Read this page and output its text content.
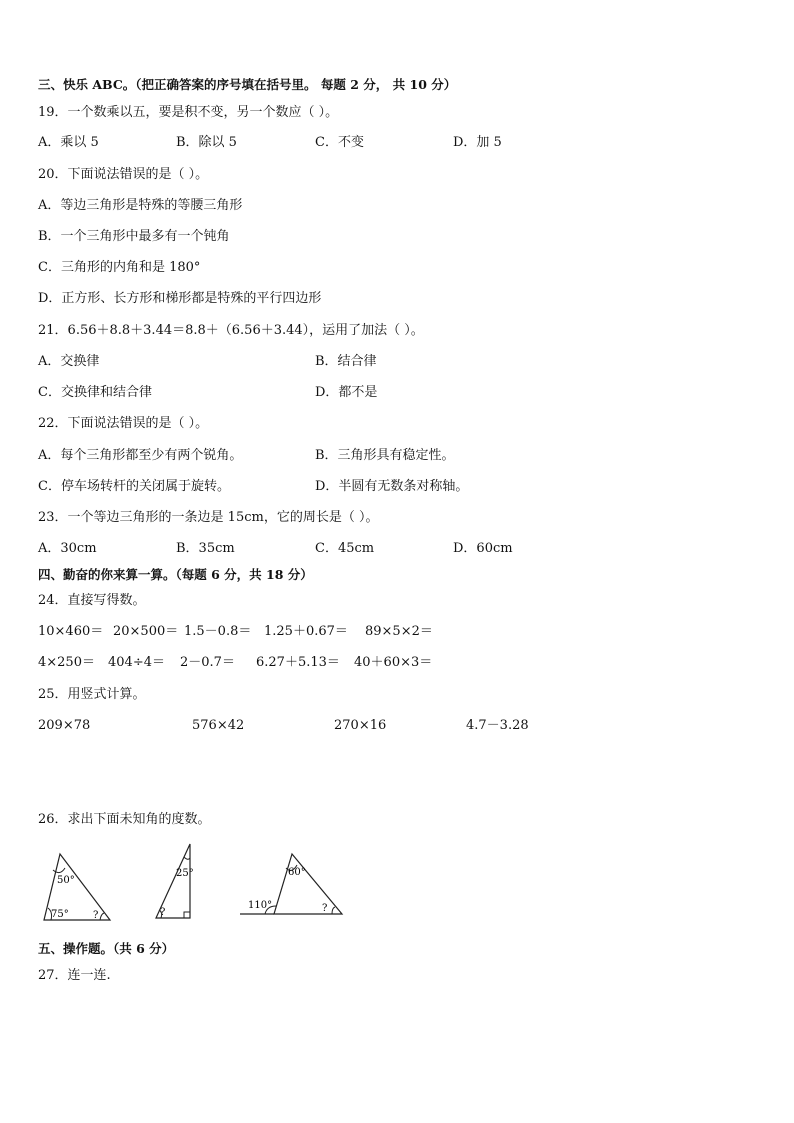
三、快乐 ABC。（把正确答案的序号填在括号里。 每题 2 分， 共 10 分）
19．一个数乘以五，要是积不变，另一个数应（ ）。
A．乘以 5	B．除以 5	C．不变	D．加 5
20．下面说法错误的是（ ）。
A．等边三角形是特殊的等腰三角形
B．一个三角形中最多有一个钝角
C．三角形的内角和是 180°
D．正方形、长方形和梯形都是特殊的平行四边形
21．6.56＋8.8＋3.44＝8.8＋（6.56＋3.44），运用了加法（ ）。
A．交换律	B．结合律
C．交换律和结合律	D．都不是
22．下面说法错误的是（ ）。
A．每个三角形都至少有两个锐角。	B．三角形具有稳定性。
C．停车场转杆的关闭属于旋转。	D．半圆有无数条对称轴。
23．一个等边三角形的一条边是 15cm，它的周长是（ ）。
A．30cm	B．35cm	C．45cm	D．60cm
四、勤奋的你来算一算。（每题 6 分，共 18 分）
24．直接写得数。
10×460＝ 20×500＝ 1.5－0.8＝ 1.25＋0.67＝ 89×5×2＝
4×250＝ 404÷4＝ 2－0.7＝ 6.27＋5.13＝ 40＋60×3＝
25．用竖式计算。
209×78	576×42	270×16	4.7－3.28
26．求出下面未知角的度数。
50°
75° ?
25°
?
60°
110°	?
五、操作题。（共 6 分）
27．连一连.
